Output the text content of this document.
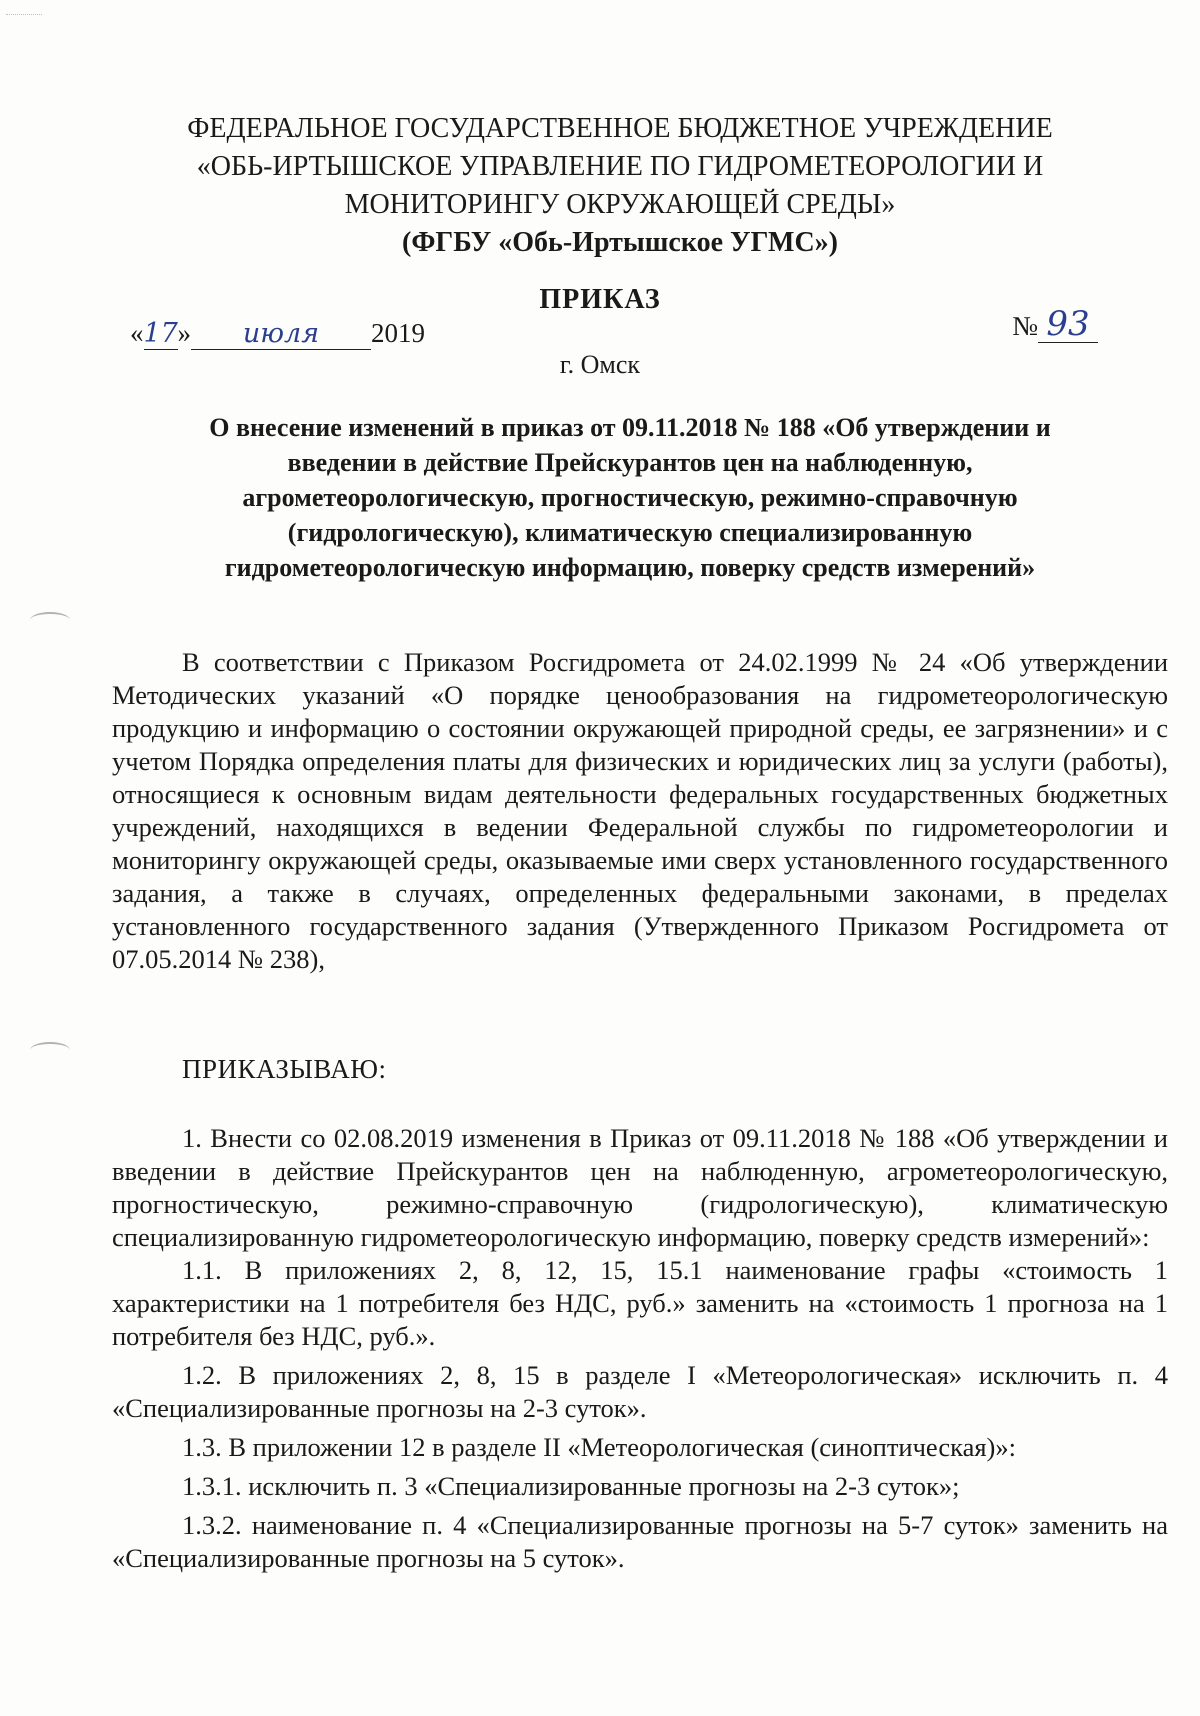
ФЕДЕРАЛЬНОЕ ГОСУДАРСТВЕННОЕ БЮДЖЕТНОЕ УЧРЕЖДЕНИЕ
«ОБЬ-ИРТЫШСКОЕ УПРАВЛЕНИЕ ПО ГИДРОМЕТЕОРОЛОГИИ И
МОНИТОРИНГУ ОКРУЖАЮЩЕЙ СРЕДЫ»
(ФГБУ «Обь-Иртышское УГМС»)
ПРИКАЗ
«17» июля 2019	№ 93
г. Омск
О внесение изменений в приказ от 09.11.2018 № 188 «Об утверждении и
введении в действие Прейскурантов цен на наблюденную,
агрометеорологическую, прогностическую, режимно-справочную
(гидрологическую), климатическую специализированную
гидрометеорологическую информацию, поверку средств измерений»
В соответствии с Приказом Росгидромета от 24.02.1999 № 24 «Об утверждении Методических указаний «О порядке ценообразования на гидрометеорологическую продукцию и информацию о состоянии окружающей природной среды, ее загрязнении» и с учетом Порядка определения платы для физических и юридических лиц за услуги (работы), относящиеся к основным видам деятельности федеральных государственных бюджетных учреждений, находящихся в ведении Федеральной службы по гидрометеорологии и мониторингу окружающей среды, оказываемые ими сверх установленного государственного задания, а также в случаях, определенных федеральными законами, в пределах установленного государственного задания (Утвержденного Приказом Росгидромета от 07.05.2014 № 238),
ПРИКАЗЫВАЮ:
1. Внести со 02.08.2019 изменения в Приказ от 09.11.2018 № 188 «Об утверждении и введении в действие Прейскурантов цен на наблюденную, агрометеорологическую, прогностическую, режимно-справочную (гидрологическую), климатическую специализированную гидрометеорологическую информацию, поверку средств измерений»:

1.1. В приложениях 2, 8, 12, 15, 15.1 наименование графы «стоимость 1 характеристики на 1 потребителя без НДС, руб.» заменить на «стоимость 1 прогноза на 1 потребителя без НДС, руб.».

1.2. В приложениях 2, 8, 15 в разделе I «Метеорологическая» исключить п. 4 «Специализированные прогнозы на 2-3 суток».

1.3. В приложении 12 в разделе II «Метеорологическая (синоптическая)»:

1.3.1. исключить п. 3 «Специализированные прогнозы на 2-3 суток»;

1.3.2. наименование п. 4 «Специализированные прогнозы на 5-7 суток» заменить на «Специализированные прогнозы на 5 суток».
